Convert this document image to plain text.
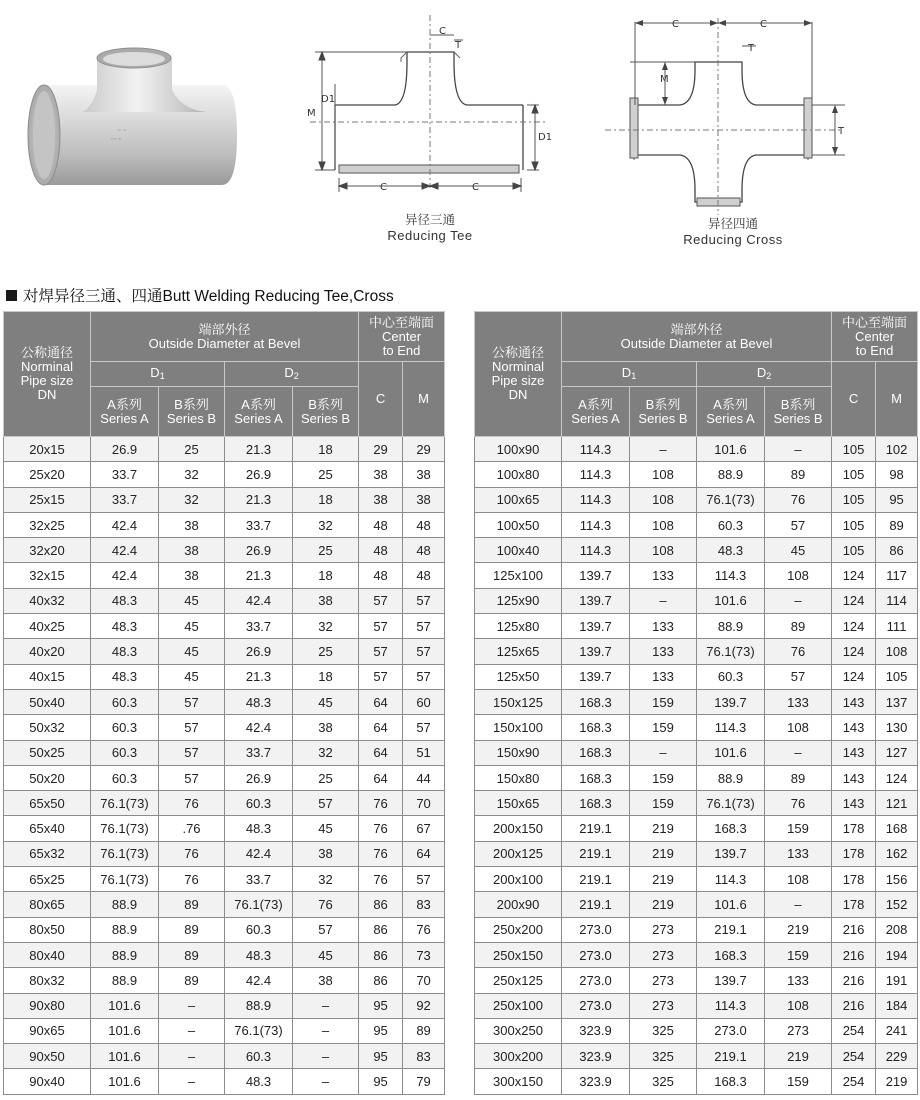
~ ~
≡≡ ≡
C
T
D1
M
D1
C	C
异径三通
Reducing Tee
C	C
T
M
T
异径四通
Reducing Cross
对焊异径三通、四通Butt Welding Reducing Tee,Cross
公称通径
Norminal
Pipe size
DN	端部外径
Outside Diameter at Bevel				中心至端面
Center
to End	

	$D_1$		$D_2$		C	M

	A系列
Series A	B系列
Series B	A系列
Series A	B系列
Series B		

20x15	26.9	25	21.3	18	29	29
25x20	33.7	32	26.9	25	38	38
25x15	33.7	32	21.3	18	38	38
32x25	42.4	38	33.7	32	48	48
32x20	42.4	38	26.9	25	48	48
32x15	42.4	38	21.3	18	48	48
40x32	48.3	45	42.4	38	57	57
40x25	48.3	45	33.7	32	57	57
40x20	48.3	45	26.9	25	57	57
40x15	48.3	45	21.3	18	57	57
50x40	60.3	57	48.3	45	64	60
50x32	60.3	57	42.4	38	64	57
50x25	60.3	57	33.7	32	64	51
50x20	60.3	57	26.9	25	64	44
65x50	76.1(73)	76	60.3	57	76	70
65x40	76.1(73)	.76	48.3	45	76	67
65x32	76.1(73)	76	42.4	38	76	64
65x25	76.1(73)	76	33.7	32	76	57
80x65	88.9	89	76.1(73)	76	86	83
80x50	88.9	89	60.3	57	86	76
80x40	88.9	89	48.3	45	86	73
80x32	88.9	89	42.4	38	86	70
90x80	101.6	–	88.9	–	95	92
90x65	101.6	–	76.1(73)	–	95	89
90x50	101.6	–	60.3	–	95	83
90x40	101.6	–	48.3	–	95	79
公称通径
Norminal
Pipe size
DN	端部外径
Outside Diameter at Bevel				中心至端面
Center
to End	

	$D_1$		$D_2$		C	M

	A系列
Series A	B系列
Series B	A系列
Series A	B系列
Series B		

100x90	114.3	–	101.6	–	105	102
100x80	114.3	108	88.9	89	105	98
100x65	114.3	108	76.1(73)	76	105	95
100x50	114.3	108	60.3	57	105	89
100x40	114.3	108	48.3	45	105	86
125x100	139.7	133	114.3	108	124	117
125x90	139.7	–	101.6	–	124	114
125x80	139.7	133	88.9	89	124	111
125x65	139.7	133	76.1(73)	76	124	108
125x50	139.7	133	60.3	57	124	105
150x125	168.3	159	139.7	133	143	137
150x100	168.3	159	114.3	108	143	130
150x90	168.3	–	101.6	–	143	127
150x80	168.3	159	88.9	89	143	124
150x65	168.3	159	76.1(73)	76	143	121
200x150	219.1	219	168.3	159	178	168
200x125	219.1	219	139.7	133	178	162
200x100	219.1	219	114.3	108	178	156
200x90	219.1	219	101.6	–	178	152
250x200	273.0	273	219.1	219	216	208
250x150	273.0	273	168.3	159	216	194
250x125	273.0	273	139.7	133	216	191
250x100	273.0	273	114.3	108	216	184
300x250	323.9	325	273.0	273	254	241
300x200	323.9	325	219.1	219	254	229
300x150	323.9	325	168.3	159	254	219
